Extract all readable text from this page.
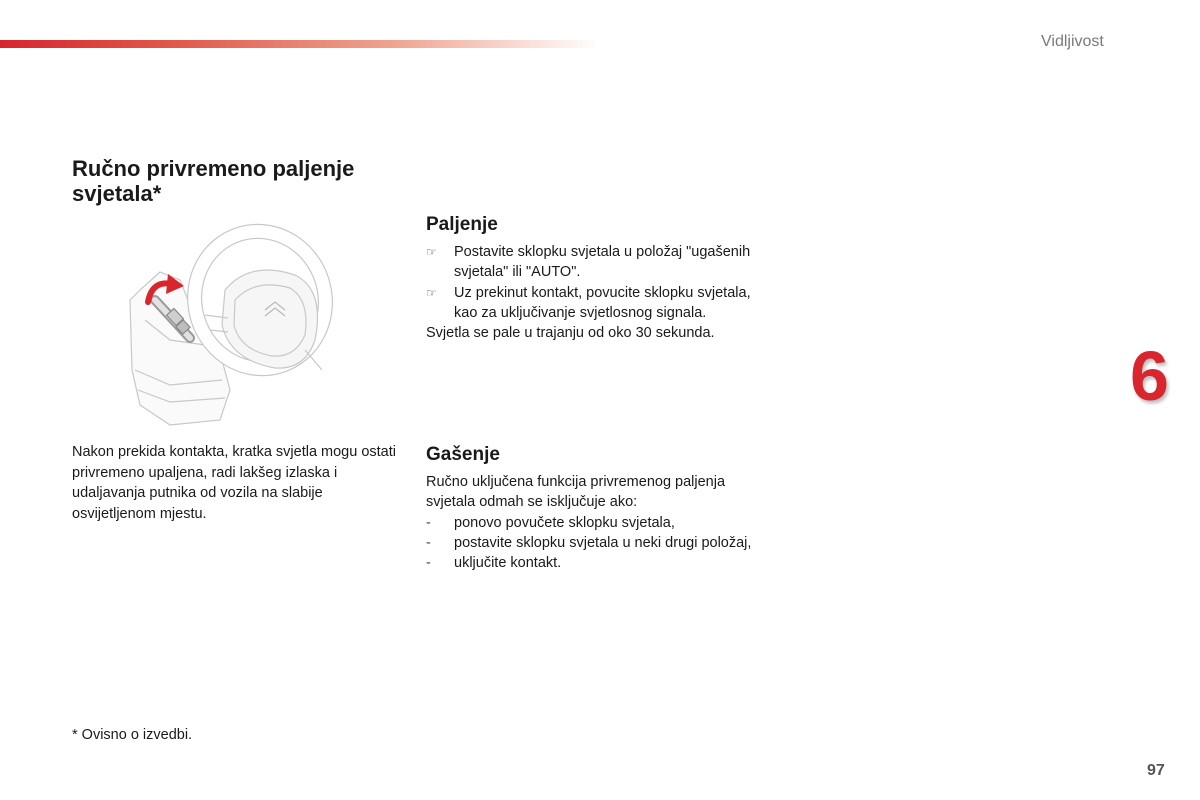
Vidljivost
Ručno privremeno paljenje svjetala*

Nakon prekida kontakta, kratka svjetla mogu ostati privremeno upaljena, radi lakšeg izlaska i udaljavanja putnika od vozila na slabije osvijetljenom mjestu.

Paljenje
☞	Postavite sklopku svjetala u položaj "ugašenih svjetala" ili "AUTO".
☞	Uz prekinut kontakt, povucite sklopku svjetala, kao za uključivanje svjetlosnog signala.

Svjetla se pale u trajanju od oko 30 sekunda.

Gašenje

Ručno uključena funkcija privremenog paljenja svjetala odmah se isključuje ako:

-	ponovo povučete sklopku svjetala,
-	postavite sklopku svjetala u neki drugi položaj,
-	uključite kontakt.

* Ovisno o izvedbi.

6
97
